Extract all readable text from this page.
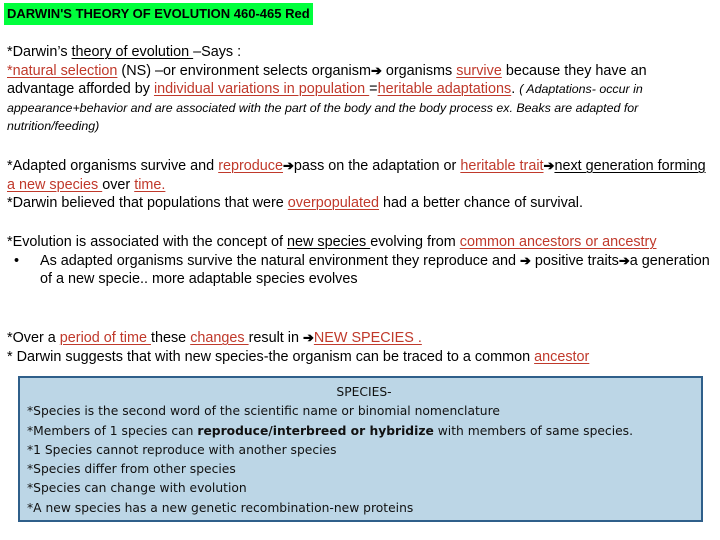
DARWIN'S THEORY OF EVOLUTION 460-465 Red
*Darwin’s theory of evolution –Says :
*natural selection (NS) –or environment selects organism➔ organisms survive because they have an advantage afforded by individual variations in population =heritable adaptations. ( Adaptations- occur in appearance+behavior and are associated with the part of the body and the body process ex. Beaks are adapted for nutrition/feeding)
*Adapted organisms survive and reproduce➔pass on the adaptation or heritable trait➔next generation forming a new species over time.
*Darwin believed that populations that were overpopulated had a better chance of survival.
*Evolution is associated with the concept of new species evolving from common ancestors or ancestry
• As adapted organisms survive the natural environment they reproduce and ➔ positive traits➔a generation of a new specie.. more adaptable species evolves
*Over a period of time these changes result in ➔NEW SPECIES .
* Darwin suggests that with new species-the organism can be traced to a common ancestor
SPECIES-
*Species is the second word of the scientific name or binomial nomenclature
*Members of 1 species can reproduce/interbreed or hybridize with members of same species.
*1 Species cannot reproduce with another species
*Species differ from other species
*Species can change with evolution
*A new species has a new genetic recombination-new proteins
